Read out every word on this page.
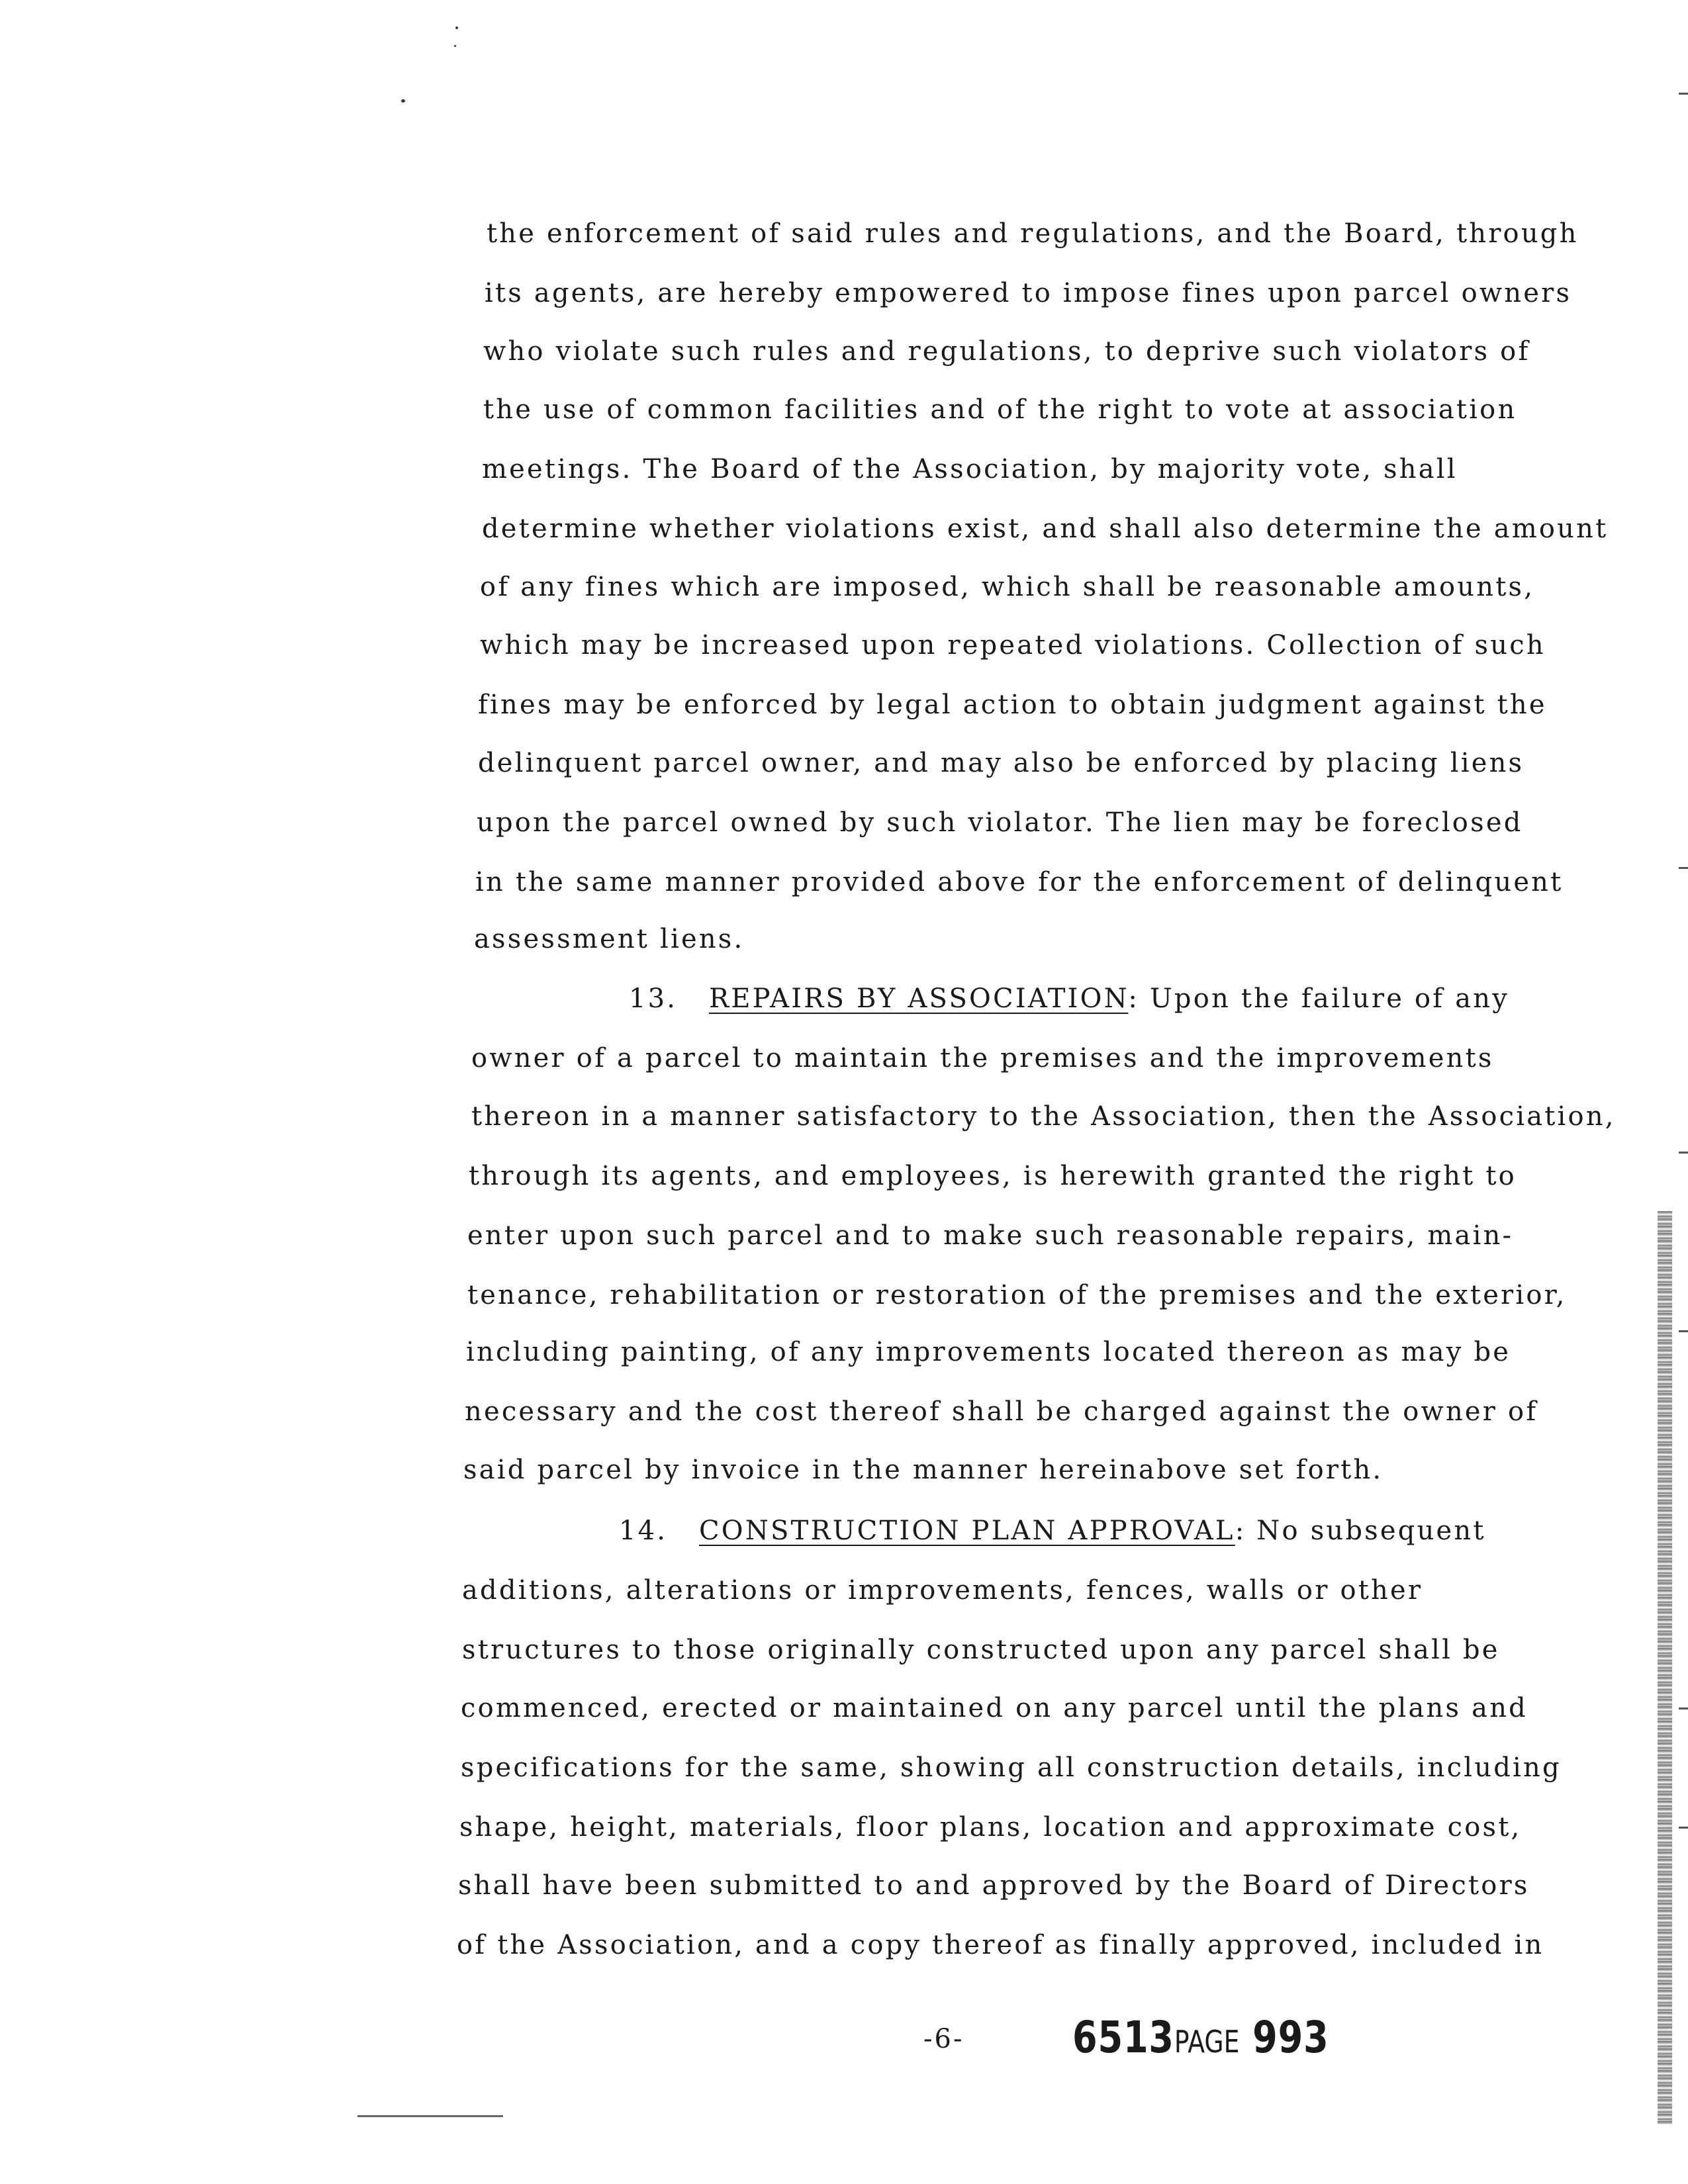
the enforcement of said rules and regulations, and the Board, through
its agents, are hereby empowered to impose fines upon parcel owners
who violate such rules and regulations, to deprive such violators of
the use of common facilities and of the right to vote at association
meetings. The Board of the Association, by majority vote, shall
determine whether violations exist, and shall also determine the amount
of any fines which are imposed, which shall be reasonable amounts,
which may be increased upon repeated violations. Collection of such
fines may be enforced by legal action to obtain judgment against the
delinquent parcel owner, and may also be enforced by placing liens
upon the parcel owned by such violator. The lien may be foreclosed
in the same manner provided above for the enforcement of delinquent
assessment liens.
13. REPAIRS BY ASSOCIATION: Upon the failure of any
owner of a parcel to maintain the premises and the improvements
thereon in a manner satisfactory to the Association, then the Association,
through its agents, and employees, is herewith granted the right to
enter upon such parcel and to make such reasonable repairs, main-
tenance, rehabilitation or restoration of the premises and the exterior,
including painting, of any improvements located thereon as may be
necessary and the cost thereof shall be charged against the owner of
said parcel by invoice in the manner hereinabove set forth.
14. CONSTRUCTION PLAN APPROVAL: No subsequent
additions, alterations or improvements, fences, walls or other
structures to those originally constructed upon any parcel shall be
commenced, erected or maintained on any parcel until the plans and
specifications for the same, showing all construction details, including
shape, height, materials, floor plans, location and approximate cost,
shall have been submitted to and approved by the Board of Directors
of the Association, and a copy thereof as finally approved, included in
-6- 6513PAGE 993
